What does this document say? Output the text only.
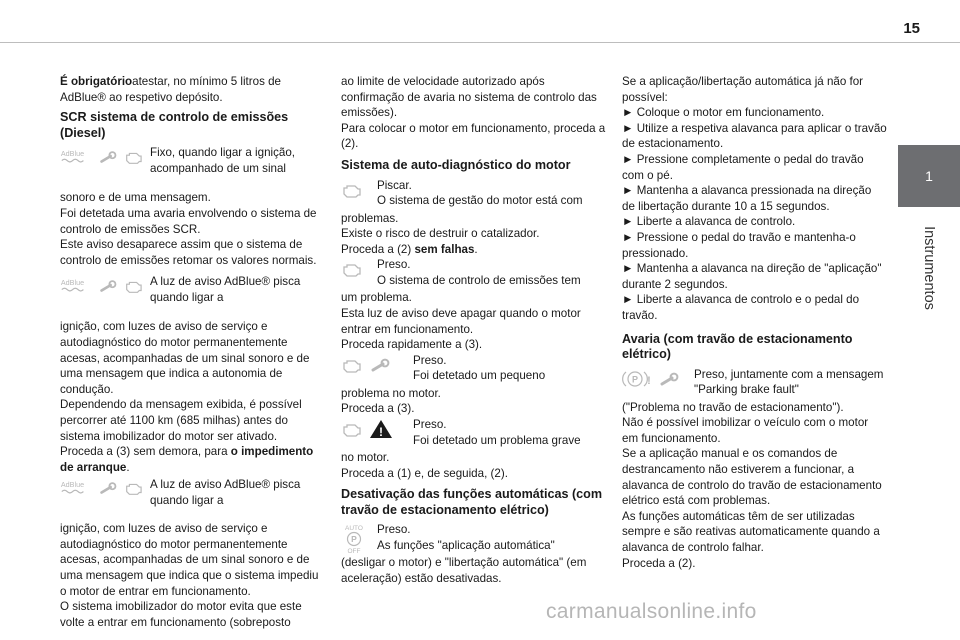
15
1
Instrumentos

É obrigatórioatestar, no mínimo 5 litros de AdBlue® ao respetivo depósito.

SCR sistema de controlo de emissões (Diesel)
AdBlue	Fixo, quando ligar a ignição, acompanhado de um sinal

sonoro e de uma mensagem.

Foi detetada uma avaria envolvendo o sistema de controlo de emissões SCR.

Este aviso desaparece assim que o sistema de controlo de emissões retomar os valores normais.

AdBlue	A luz de aviso AdBlue® pisca quando ligar a

ignição, com luzes de aviso de serviço e autodiagnóstico do motor permanentemente acesas, acompanhadas de um sinal sonoro e de uma mensagem que indica a autonomia de condução.

Dependendo da mensagem exibida, é possível percorrer até 1100 km (685 milhas) antes do sistema imobilizador do motor ser ativado.

Proceda a (3) sem demora, para o impedimento de arranque.

AdBlue	A luz de aviso AdBlue® pisca quando ligar a

ignição, com luzes de aviso de serviço e autodiagnóstico do motor permanentemente acesas, acompanhadas de um sinal sonoro e de uma mensagem que indica que o sistema impediu o motor de entrar em funcionamento.

O sistema imobilizador do motor evita que este volte a entrar em funcionamento (sobreposto

ao limite de velocidade autorizado após confirmação de avaria no sistema de controlo das emissões).

Para colocar o motor em funcionamento, proceda a (2).

Sistema de auto-diagnóstico do motor

Piscar.

O sistema de gestão do motor está com

problemas.

Existe o risco de destruir o catalizador.

Proceda a (2) sem falhas.

Preso.

O sistema de controlo de emissões tem

um problema.

Esta luz de aviso deve apagar quando o motor entrar em funcionamento.

Proceda rapidamente a (3).

Preso.

Foi detetado um pequeno

problema no motor.

Proceda a (3).

!

Preso.

Foi detetado um problema grave

no motor.

Proceda a (1) e, de seguida, (2).

Desativação das funções automáticas (com travão de estacionamento elétrico)
AUTO
P
OFF

Preso.

As funções "aplicação automática"

(desligar o motor) e "libertação automática" (em aceleração) estão desativadas.

Se a aplicação/libertação automática já não for possível:

► Coloque o motor em funcionamento.

► Utilize a respetiva alavanca para aplicar o travão de estacionamento.

► Pressione completamente o pedal do travão com o pé.

► Mantenha a alavanca pressionada na direção de libertação durante 10 a 15 segundos.

► Liberte a alavanca de controlo.

► Pressione o pedal do travão e mantenha-o pressionado.

► Mantenha a alavanca na direção de "aplicação" durante 2 segundos.

► Liberte a alavanca de controlo e o pedal do travão.

Avaria (com travão de estacionamento elétrico)
P !	Preso, juntamente com a mensagem "Parking brake fault"

("Problema no travão de estacionamento").

Não é possível imobilizar o veículo com o motor em funcionamento.

Se a aplicação manual e os comandos de destrancamento não estiverem a funcionar, a alavanca de controlo do travão de estacionamento elétrico está com problemas.

As funções automáticas têm de ser utilizadas sempre e são reativas automaticamente quando a alavanca de controlo falhar.

Proceda a (2).

carmanualsonline.info
